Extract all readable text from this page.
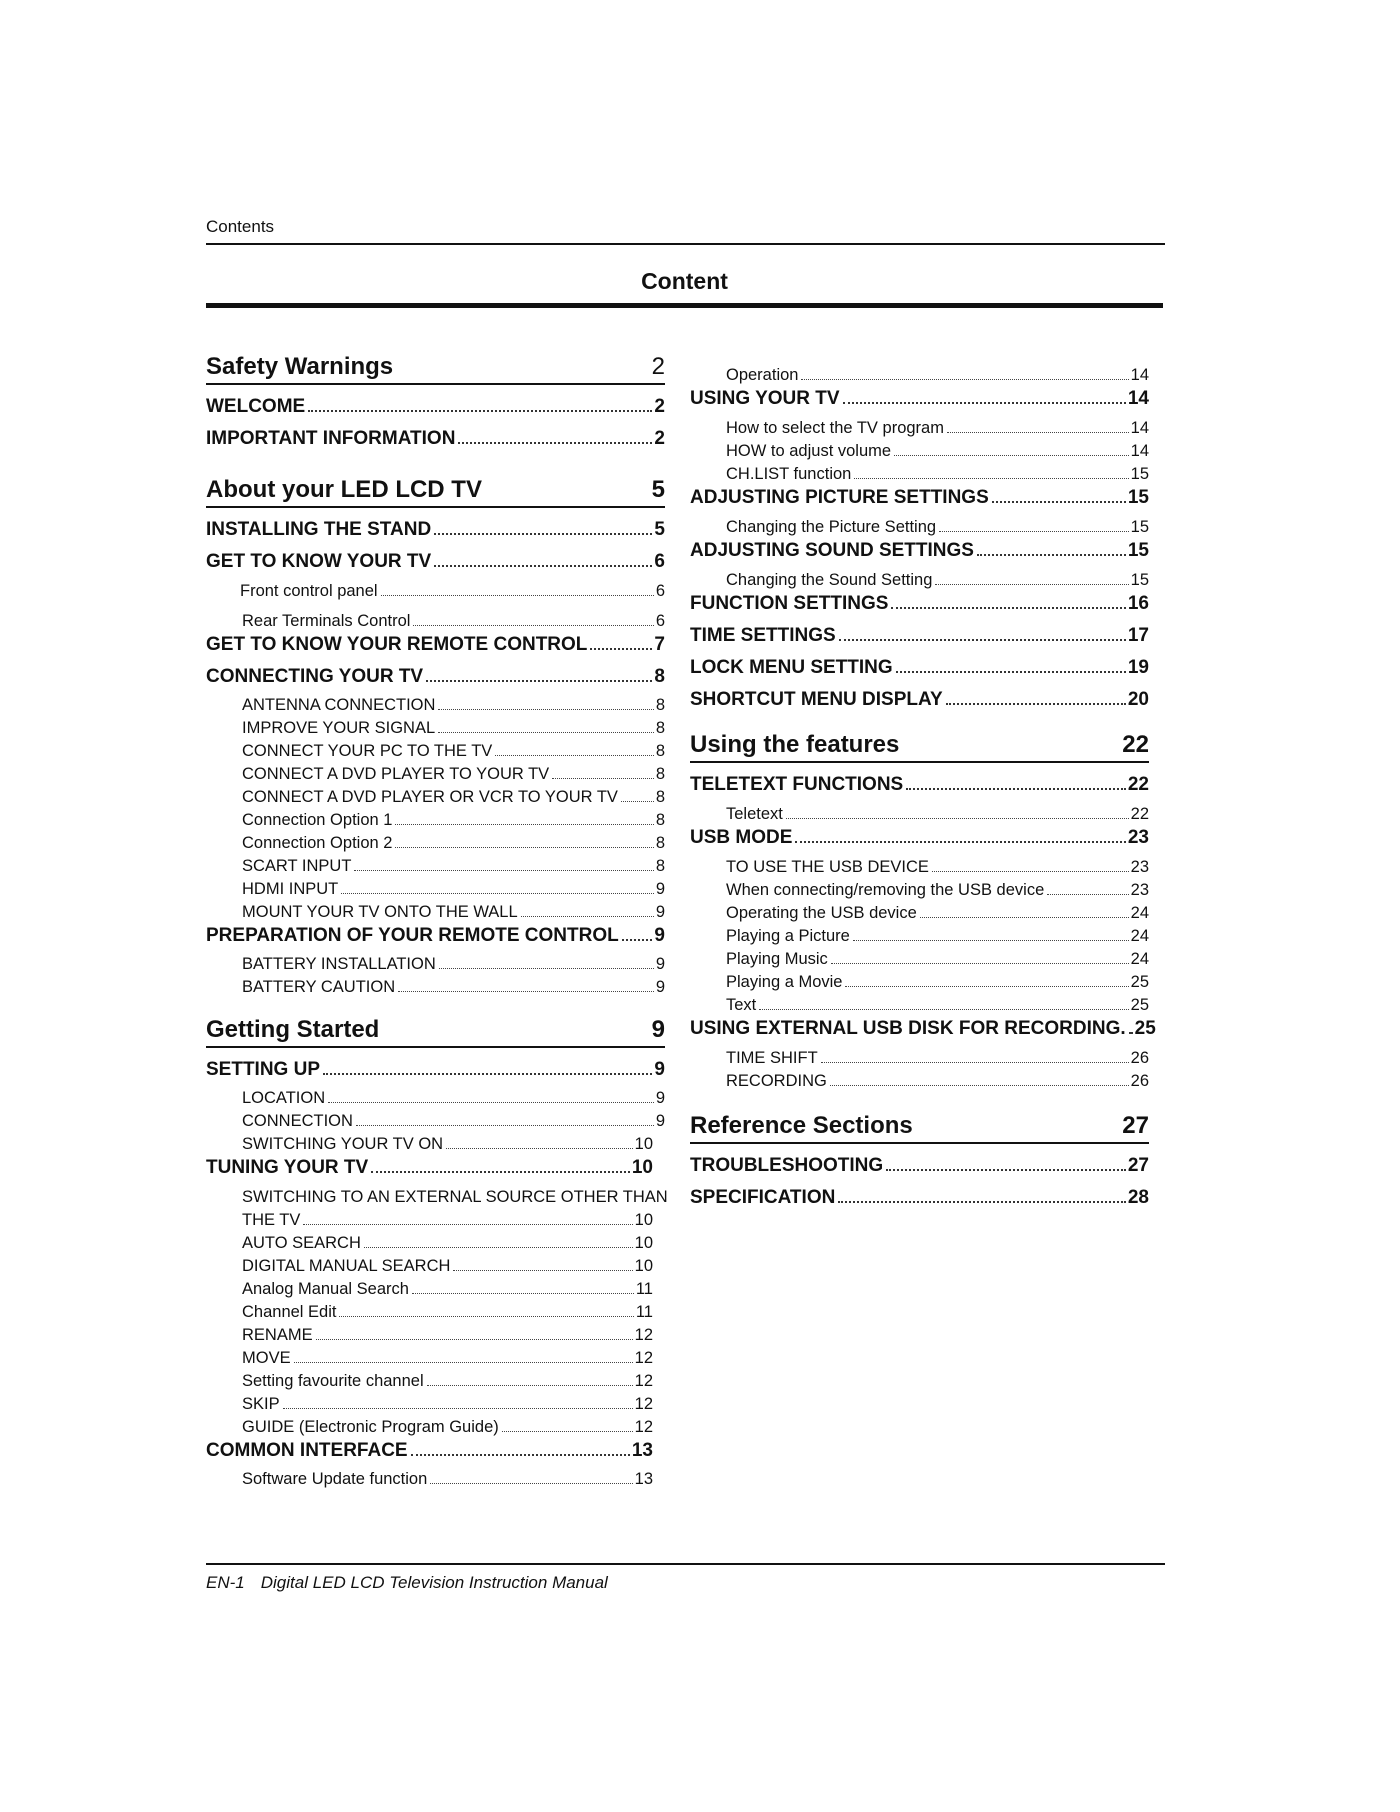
Contents
Content
Safety Warnings	2
WELCOME	2
IMPORTANT INFORMATION	2
About your LED LCD TV	5
INSTALLING THE STAND	5
GET TO KNOW YOUR TV	6
Front control panel	6
Rear Terminals Control	6
GET TO KNOW YOUR REMOTE CONTROL	7
CONNECTING YOUR TV	8
ANTENNA CONNECTION	8
IMPROVE YOUR SIGNAL	8
CONNECT YOUR PC TO THE TV	8
CONNECT A DVD PLAYER TO YOUR TV	8
CONNECT A DVD PLAYER OR VCR TO YOUR TV 8
Connection Option 1	8
Connection Option 2	8
SCART INPUT	8
HDMI INPUT	9
MOUNT YOUR TV ONTO THE WALL	9
PREPARATION OF YOUR REMOTE CONTROL 9
BATTERY INSTALLATION	9
BATTERY CAUTION	9
Getting Started	9
SETTING UP	9
LOCATION	9
CONNECTION	9
SWITCHING YOUR TV ON	10
TUNING YOUR TV	10
SWITCHING TO AN EXTERNAL SOURCE OTHER THAN
THE TV	10
AUTO SEARCH	10
DIGITAL MANUAL SEARCH	10
Analog Manual Search	11
Channel Edit	11
RENAME	12
MOVE	12
Setting favourite channel	12
SKIP	12
GUIDE (Electronic Program Guide)	12
COMMON INTERFACE	13
Software Update function	13
Operation	14
USING YOUR TV	14
How to select the TV program	14
HOW to adjust volume	14
CH.LIST function	15
ADJUSTING PICTURE SETTINGS	15
Changing the Picture Setting	15
ADJUSTING SOUND SETTINGS	15
Changing the Sound Setting	15
FUNCTION SETTINGS	16
TIME SETTINGS	17
LOCK MENU SETTING	19
SHORTCUT MENU DISPLAY	20
Using the features	22
TELETEXT FUNCTIONS	22
Teletext	22
USB MODE	23
TO USE THE USB DEVICE	23
When connecting/removing the USB device	23
Operating the USB device	24
Playing a Picture	24
Playing Music	24
Playing a Movie	25
Text	25
USING EXTERNAL USB DISK FOR RECORDING. 25
TIME SHIFT	26
RECORDING	26
Reference Sections	27
TROUBLESHOOTING	27
SPECIFICATION	28
EN-1 Digital LED LCD Television Instruction Manual
